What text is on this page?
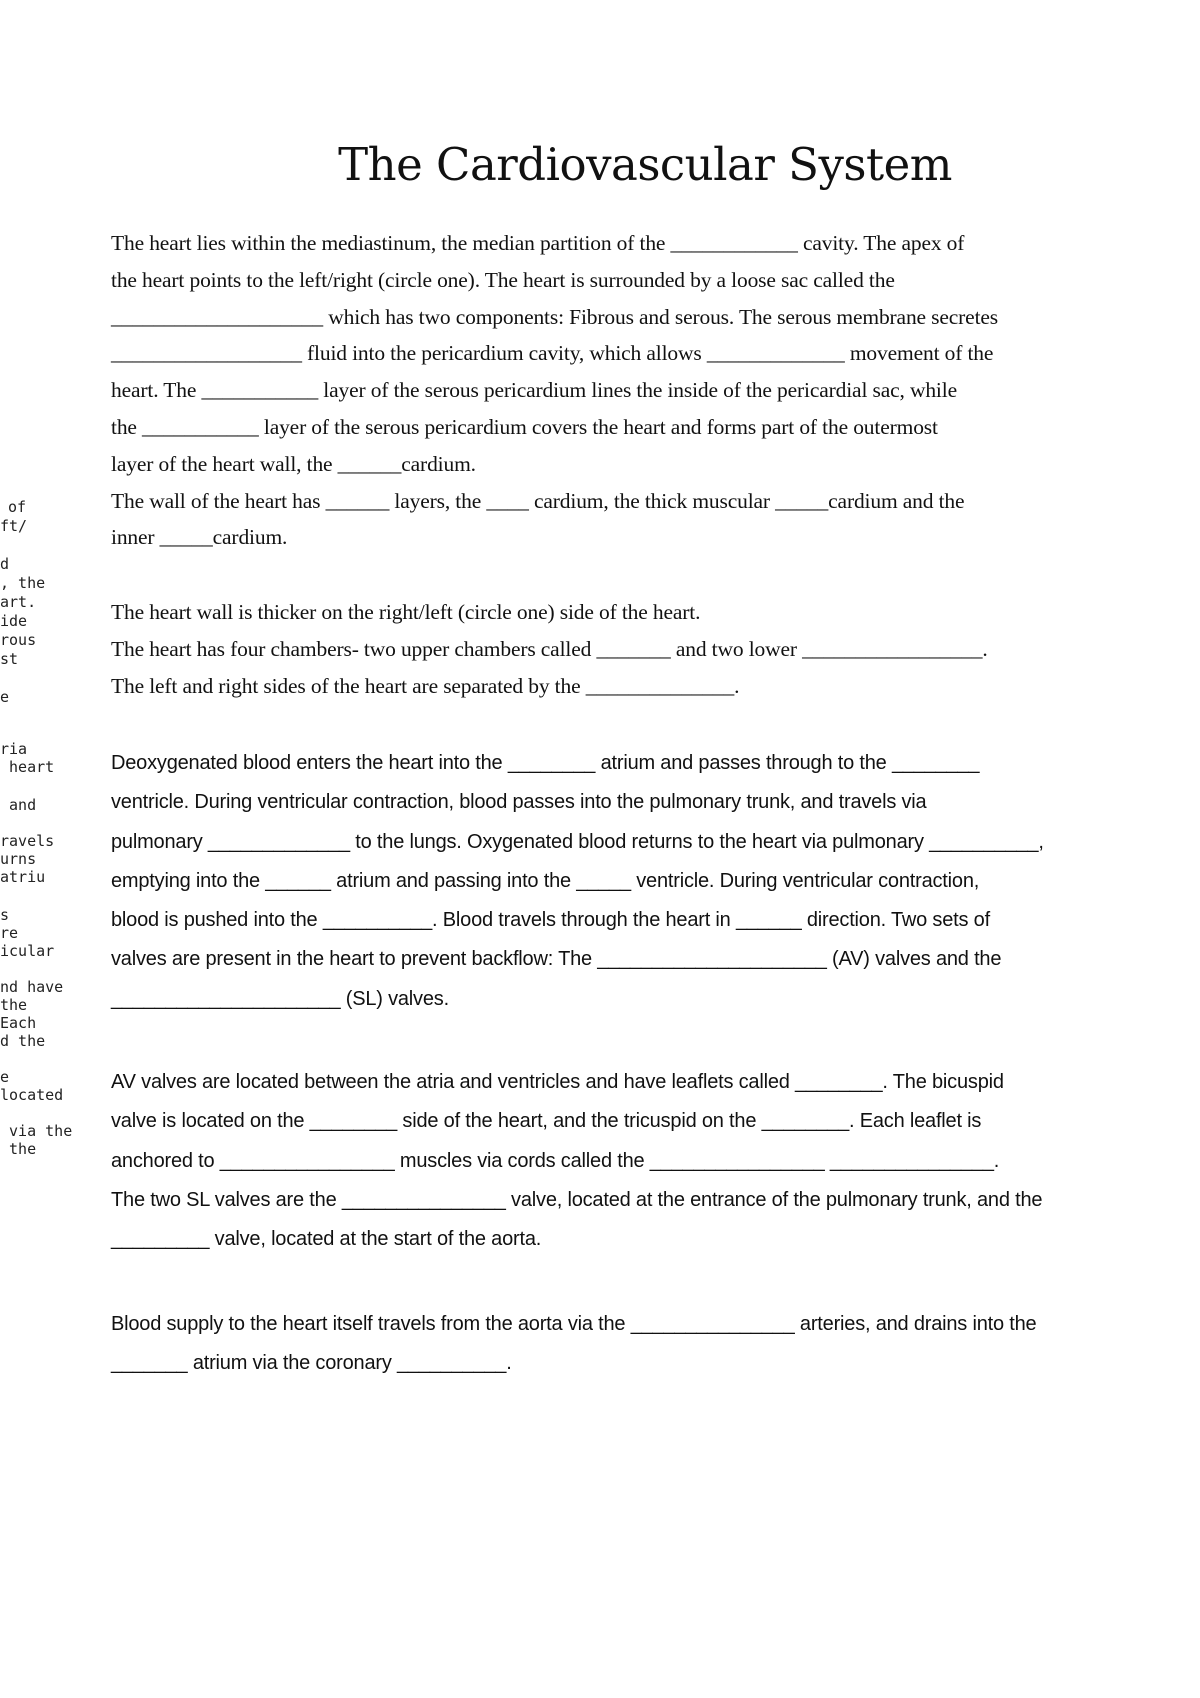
of
ft/
d
, the
art.
ide
rous
st
e
ria
heart
and
ravels
urns
atriu
s
re
icular
nd have
the
Each
d the
e
located
via the
the
The Cardiovascular System

The heart lies within the mediastinum, the median partition of the ____________ cavity. The apex of

the heart points to the left/right (circle one). The heart is surrounded by a loose sac called the

____________________ which has two components: Fibrous and serous. The serous membrane secretes

__________________ fluid into the pericardium cavity, which allows _____________ movement of the

heart. The ___________ layer of the serous pericardium lines the inside of the pericardial sac, while

the ___________ layer of the serous pericardium covers the heart and forms part of the outermost

layer of the heart wall, the ______cardium.

The wall of the heart has ______ layers, the ____ cardium, the thick muscular _____cardium and the

inner _____cardium.

The heart wall is thicker on the right/left (circle one) side of the heart.

The heart has four chambers- two upper chambers called _______ and two lower _________________.

The left and right sides of the heart are separated by the ______________.

Deoxygenated blood enters the heart into the ________ atrium and passes through to the ________

ventricle. During ventricular contraction, blood passes into the pulmonary trunk, and travels via

pulmonary _____________ to the lungs. Oxygenated blood returns to the heart via pulmonary __________,

emptying into the ______ atrium and passing into the _____ ventricle. During ventricular contraction,

blood is pushed into the __________. Blood travels through the heart in ______ direction. Two sets of

valves are present in the heart to prevent backflow: The _____________________ (AV) valves and the

_____________________ (SL) valves.

AV valves are located between the atria and ventricles and have leaflets called ________. The bicuspid

valve is located on the ________ side of the heart, and the tricuspid on the ________. Each leaflet is

anchored to ________________ muscles via cords called the ________________ _______________.

The two SL valves are the _______________ valve, located at the entrance of the pulmonary trunk, and the

_________ valve, located at the start of the aorta.

Blood supply to the heart itself travels from the aorta via the _______________ arteries, and drains into the

_______ atrium via the coronary __________.
